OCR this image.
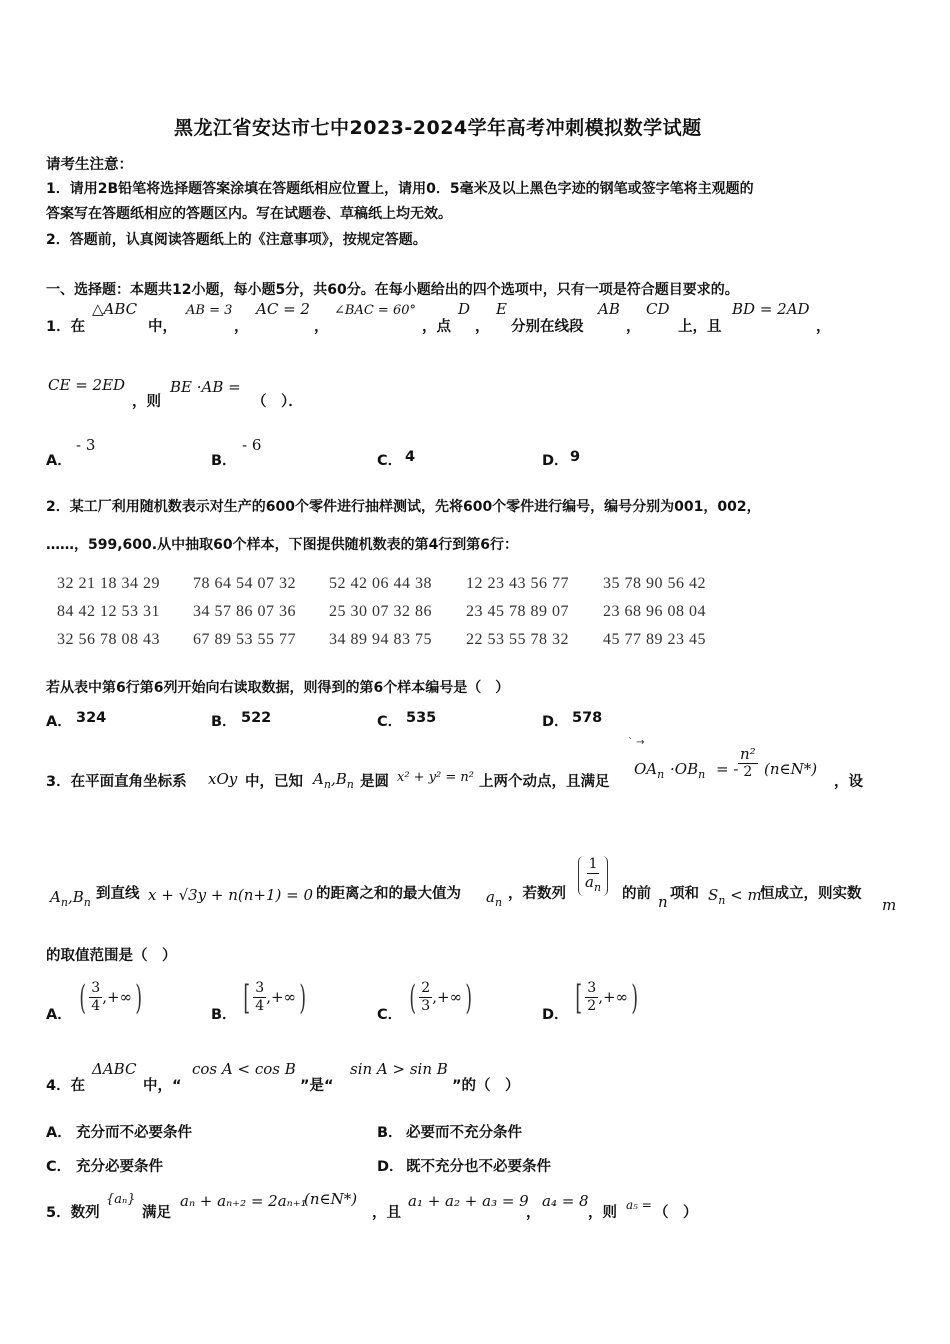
黑龙江省安达市七中2023-2024学年高考冲刺模拟数学试题
请考生注意：
1．请用2B铅笔将选择题答案涂填在答题纸相应位置上，请用0．5毫米及以上黑色字迹的钢笔或签字笔将主观题的
答案写在答题纸相应的答题区内。写在试题卷、草稿纸上均无效。
2．答题前，认真阅读答题纸上的《注意事项》，按规定答题。
一、选择题：本题共12小题，每小题5分，共60分。在每小题给出的四个选项中，只有一项是符合题目要求的。
1．在
△ABC
中，
AB = 3
，
AC = 2
，
∠BAC = 60°
，点
D
，
E
分别在线段
AB
，
CD
上，且
BD = 2AD
，
CE = 2ED
，则
BE ·AB =
（　）．
A．
- 3
B．
- 6
C． 4	D． 9
2．某工厂利用随机数表示对生产的600个零件进行抽样测试，先将600个零件进行编号，编号分别为001，002，
……，599,600.从中抽取60个样本，下图提供随机数表的第4行到第6行：
32 21 18 34 29 78 64 54 07 32 52 42 06 44 38 12 23 43 56 77 35 78 90 56 42
84 42 12 53 31 34 57 86 07 36 25 30 07 32 86 23 45 78 89 07 23 68 96 08 04
32 56 78 08 43 67 89 53 55 77 34 89 94 83 75 22 53 55 78 32 45 77 89 23 45
若从表中第6行第6列开始向右读取数据，则得到的第6个样本编号是（　）
A． 324	B． 522	C． 535	D． 578
3．在平面直角坐标系 xOy 中，已知 $A_n,B_n$ 是圆 x² + y² = n² 上两个动点，且满足
ˋ →
$OA_n \cdot OB_n$ = - $\frac{\text{n²}}{2}$ (n∈N*)
，设
$A_n,B_n$
到直线 x + √3y + n(n+1) = 0 的距离之和的最大值为 $a_n$
，若数列 $\frac{1}{a_n}$ 的前 n 项和 $S_n < m$
恒成立，则实数
m
的取值范围是（　）
A． ( $\frac{3}{4}$ ,+∞)	B． [ $\frac{3}{4}$ ,+∞)	C． ( $\frac{2}{3}$ ,+∞)	D． [ $\frac{3}{2}$ ,+∞)
4．在
ΔABC
中，“
cos A < cos B
”是“
sin A > sin B
”的（　）
A． 充分而不必要条件	B． 必要而不充分条件
C． 充分必要条件	D． 既不充分也不必要条件
5．数列
{aₙ}
满足
aₙ + aₙ₊₂ = 2aₙ₊₁
(n∈N*)
，且
a₁ + a₂ + a₃ = 9
，
a₄ = 8
，则 a₅ = （　）
